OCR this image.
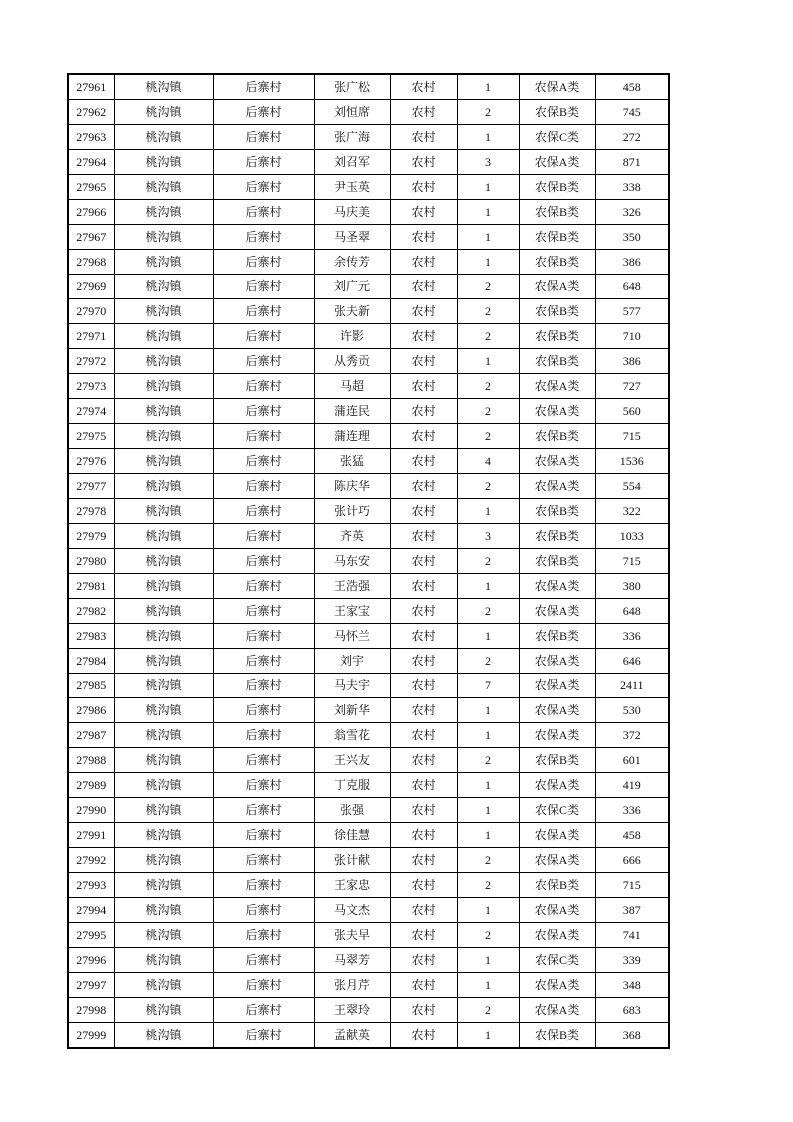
27961	桃沟镇	后寨村	张广松	农村	1	农保A类	458
27962	桃沟镇	后寨村	刘恒席	农村	2	农保B类	745
27963	桃沟镇	后寨村	张广海	农村	1	农保C类	272
27964	桃沟镇	后寨村	刘召军	农村	3	农保A类	871
27965	桃沟镇	后寨村	尹玉英	农村	1	农保B类	338
27966	桃沟镇	后寨村	马庆美	农村	1	农保B类	326
27967	桃沟镇	后寨村	马圣翠	农村	1	农保B类	350
27968	桃沟镇	后寨村	余传芳	农村	1	农保B类	386
27969	桃沟镇	后寨村	刘广元	农村	2	农保A类	648
27970	桃沟镇	后寨村	张夫新	农村	2	农保B类	577
27971	桃沟镇	后寨村	许影	农村	2	农保B类	710
27972	桃沟镇	后寨村	从秀贡	农村	1	农保B类	386
27973	桃沟镇	后寨村	马超	农村	2	农保A类	727
27974	桃沟镇	后寨村	蒲连民	农村	2	农保A类	560
27975	桃沟镇	后寨村	蒲连理	农村	2	农保B类	715
27976	桃沟镇	后寨村	张猛	农村	4	农保A类	1536
27977	桃沟镇	后寨村	陈庆华	农村	2	农保A类	554
27978	桃沟镇	后寨村	张计巧	农村	1	农保B类	322
27979	桃沟镇	后寨村	齐英	农村	3	农保B类	1033
27980	桃沟镇	后寨村	马东安	农村	2	农保B类	715
27981	桃沟镇	后寨村	王浩强	农村	1	农保A类	380
27982	桃沟镇	后寨村	王家宝	农村	2	农保A类	648
27983	桃沟镇	后寨村	马怀兰	农村	1	农保B类	336
27984	桃沟镇	后寨村	刘宇	农村	2	农保A类	646
27985	桃沟镇	后寨村	马夫宇	农村	7	农保A类	2411
27986	桃沟镇	后寨村	刘新华	农村	1	农保A类	530
27987	桃沟镇	后寨村	翁雪花	农村	1	农保A类	372
27988	桃沟镇	后寨村	王兴友	农村	2	农保B类	601
27989	桃沟镇	后寨村	丁克服	农村	1	农保A类	419
27990	桃沟镇	后寨村	张强	农村	1	农保C类	336
27991	桃沟镇	后寨村	徐佳慧	农村	1	农保A类	458
27992	桃沟镇	后寨村	张计献	农村	2	农保A类	666
27993	桃沟镇	后寨村	王家忠	农村	2	农保B类	715
27994	桃沟镇	后寨村	马文杰	农村	1	农保A类	387
27995	桃沟镇	后寨村	张夫早	农村	2	农保A类	741
27996	桃沟镇	后寨村	马翠芳	农村	1	农保C类	339
27997	桃沟镇	后寨村	张月芹	农村	1	农保A类	348
27998	桃沟镇	后寨村	王翠玲	农村	2	农保A类	683
27999	桃沟镇	后寨村	孟献英	农村	1	农保B类	368
